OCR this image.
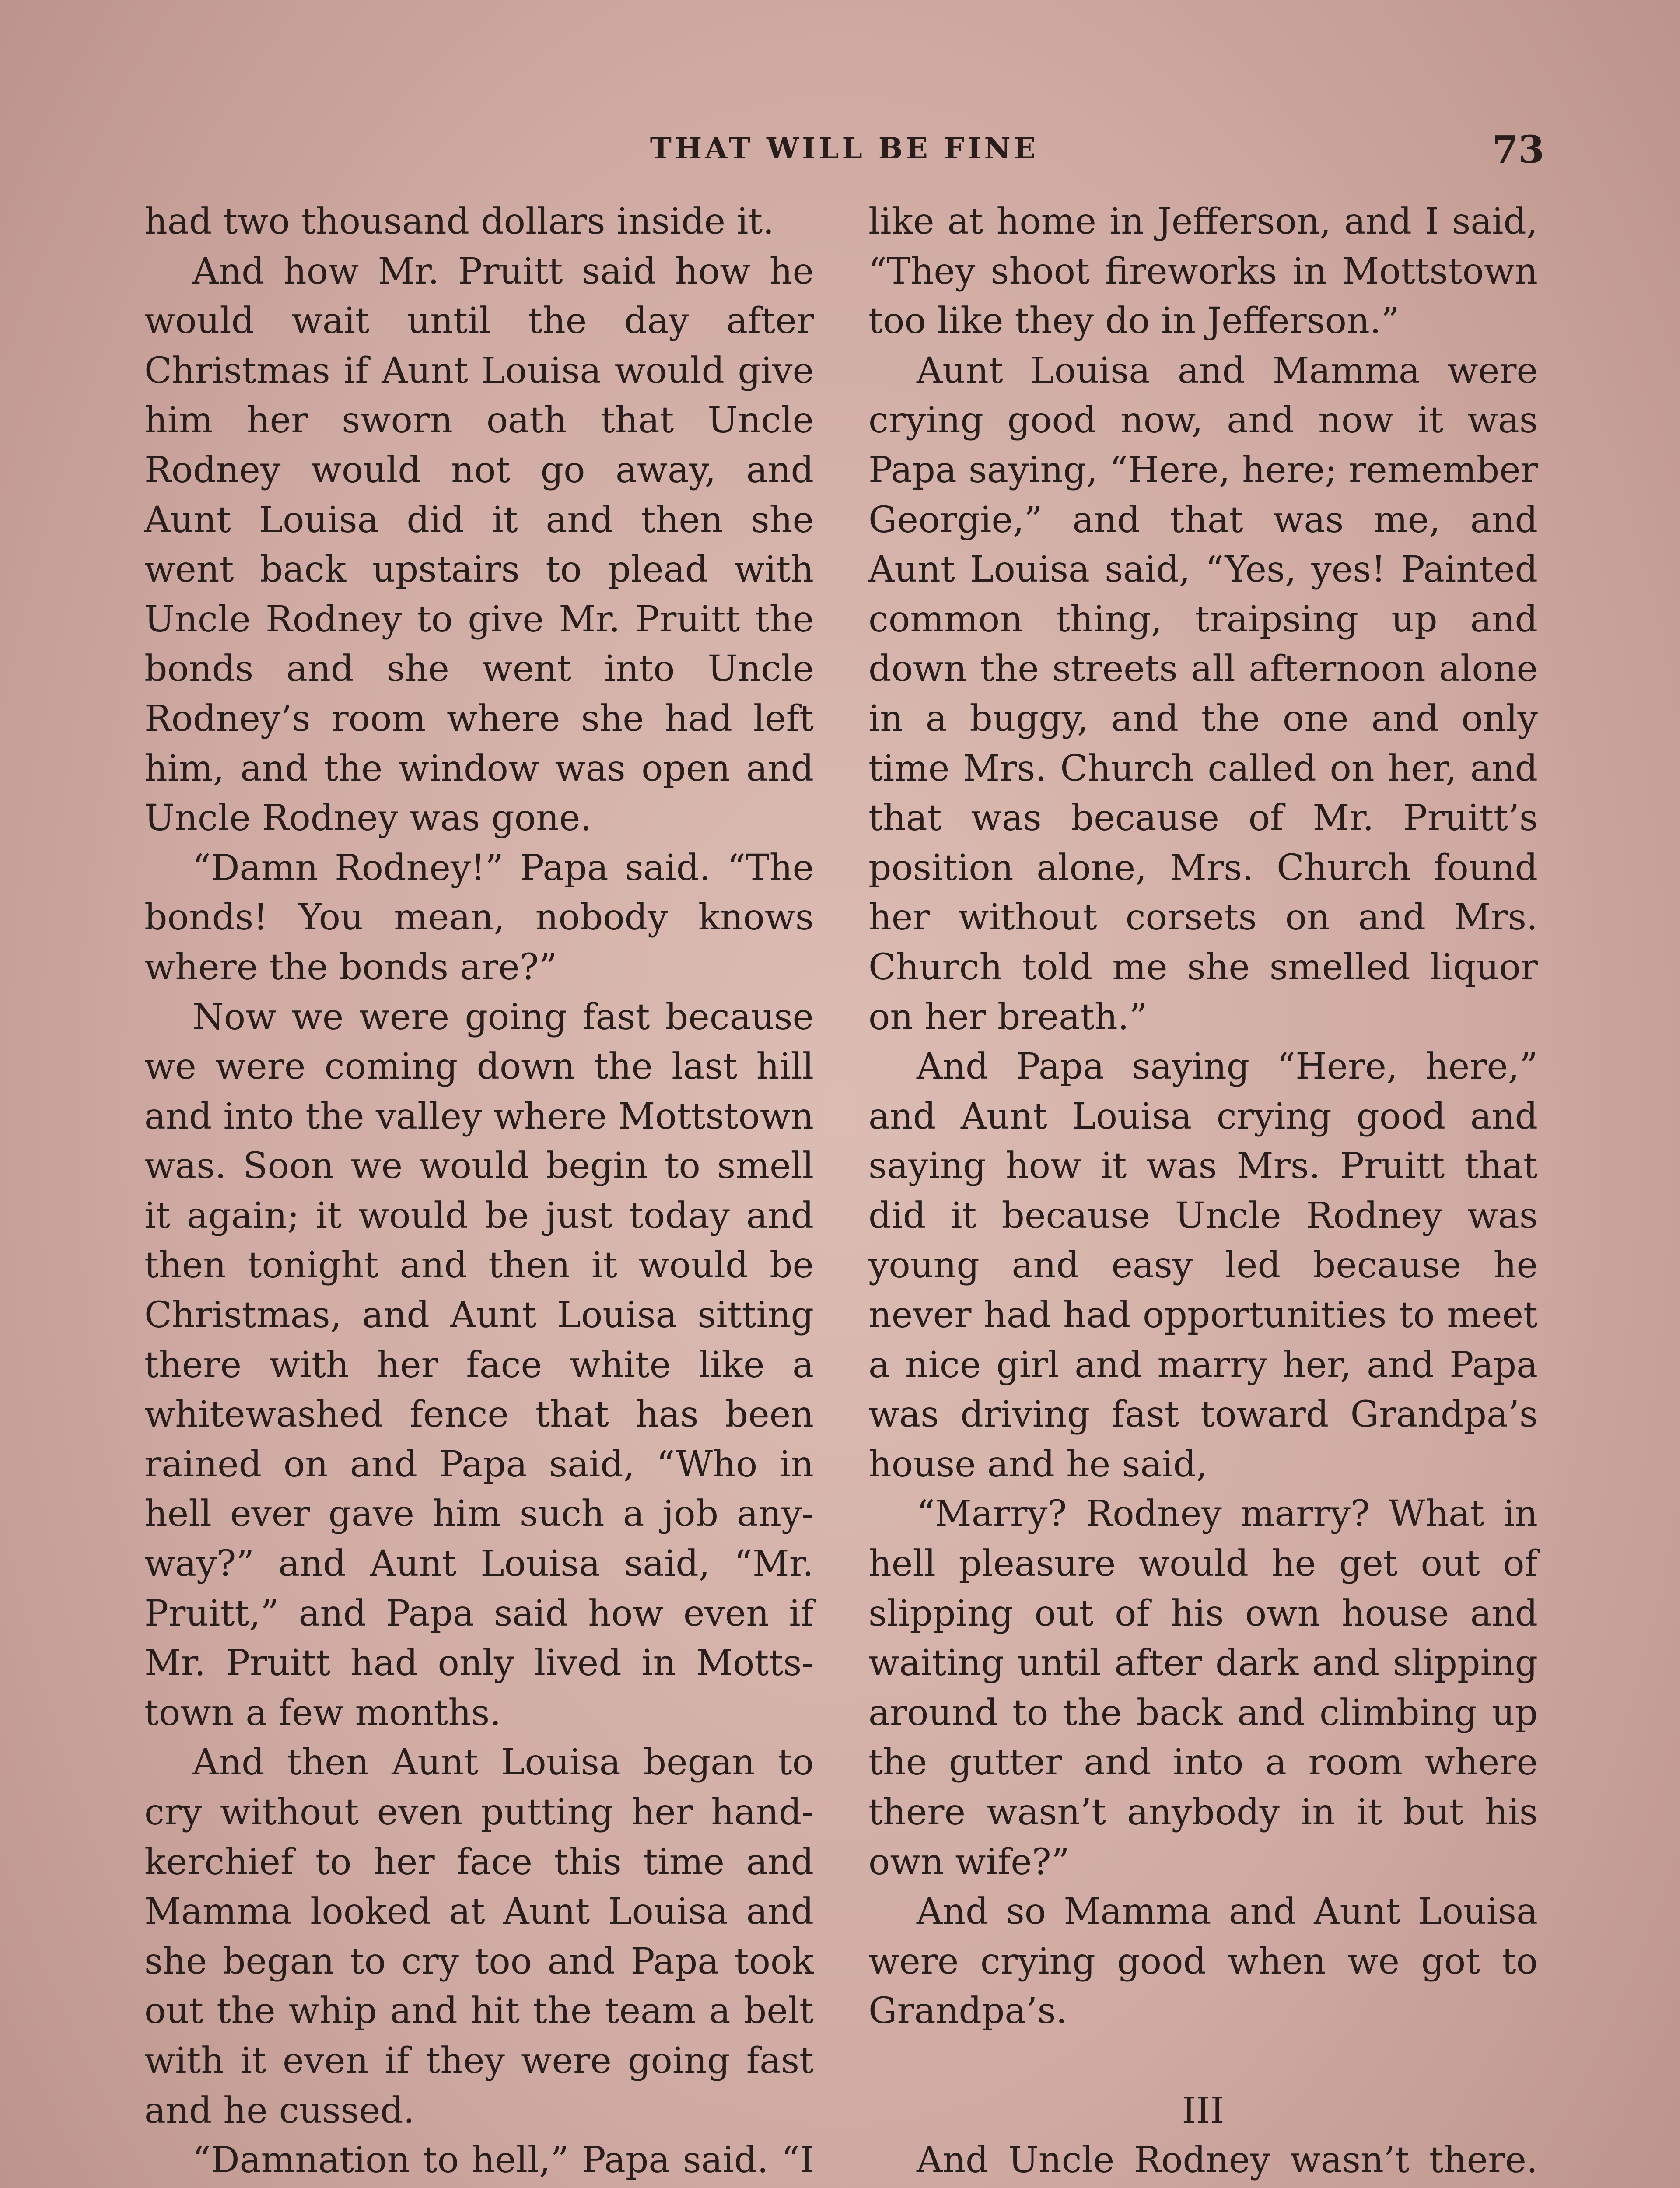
THAT WILL BE FINE	73

had two thousand dollars inside it.

And how Mr. Pruitt said how he would wait until the day after Christmas if Aunt Louisa would give him her sworn oath that Uncle Rodney would not go away, and Aunt Louisa did it and then she went back upstairs to plead with Uncle Rodney to give Mr. Pruitt the bonds and she went into Uncle Rodney’s room where she had left him, and the window was open and Uncle Rodney was gone.

“Damn Rodney!” Papa said. “The bonds! You mean, nobody knows where the bonds are?”

Now we were going fast because we were coming down the last hill and into the valley where Mottstown was. Soon we would begin to smell it again; it would be just today and then tonight and then it would be Christmas, and Aunt Louisa sitting there with her face white like a whitewashed fence that has been rained on and Papa said, “Who in hell ever gave him such a job anyway?” and Aunt Louisa said, “Mr. Pruitt,” and Papa said how even if Mr. Pruitt had only lived in Mottstown a few months.

And then Aunt Louisa began to cry without even putting her handkerchief to her face this time and Mamma looked at Aunt Louisa and she began to cry too and Papa took out the whip and hit the team a belt with it even if they were going fast and he cussed.

“Damnation to hell,” Papa said. “I

like at home in Jefferson, and I said, “They shoot fireworks in Mottstown too like they do in Jefferson.”

Aunt Louisa and Mamma were crying good now, and now it was Papa saying, “Here, here; remember Georgie,” and that was me, and Aunt Louisa said, “Yes, yes! Painted common thing, traipsing up and down the streets all afternoon alone in a buggy, and the one and only time Mrs. Church called on her, and that was because of Mr. Pruitt’s position alone, Mrs. Church found her without corsets on and Mrs. Church told me she smelled liquor on her breath.”

And Papa saying “Here, here,” and Aunt Louisa crying good and saying how it was Mrs. Pruitt that did it because Uncle Rodney was young and easy led because he never had had opportunities to meet a nice girl and marry her, and Papa was driving fast toward Grandpa’s house and he said,

“Marry? Rodney marry? What in hell pleasure would he get out of slipping out of his own house and waiting until after dark and slipping around to the back and climbing up the gutter and into a room where there wasn’t anybody in it but his own wife?”

And so Mamma and Aunt Louisa were crying good when we got to Grandpa’s.

III

And Uncle Rodney wasn’t there.
